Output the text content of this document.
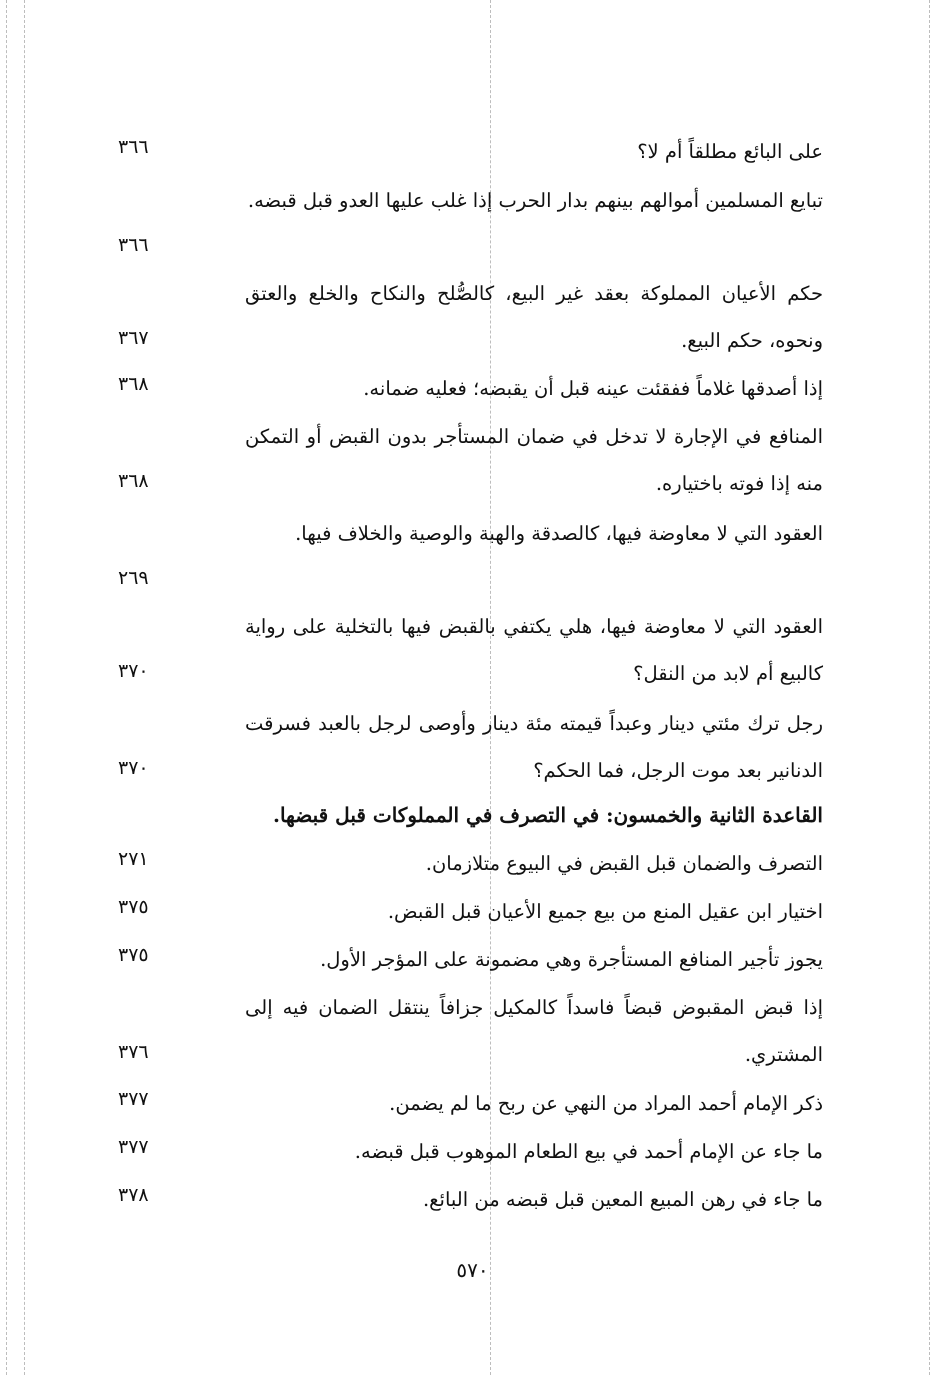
على البائع مطلقاً أم لا؟
٣٦٦
تبايع المسلمين أموالهم بينهم بدار الحرب إذا غلب عليها العدو قبل قبضه.
٣٦٦
حكم الأعيان المملوكة بعقد غير البيع، كالصُّلح والنكاح والخلع والعتق ونحوه، حكم البيع.
٣٦٧
إذا أصدقها غلاماً ففقئت عينه قبل أن يقبضه؛ فعليه ضمانه.
٣٦٨
المنافع في الإجارة لا تدخل في ضمان المستأجر بدون القبض أو التمكن منه إذا فوته باختياره.
٣٦٨
العقود التي لا معاوضة فيها، كالصدقة والهبة والوصية والخلاف فيها.
٢٦٩
العقود التي لا معاوضة فيها، هلي يكتفي بالقبض فيها بالتخلية على رواية كالبيع أم لابد من النقل؟
٣٧٠
رجل ترك مئتي دينار وعبداً قيمته مئة دينار وأوصى لرجل بالعبد فسرقت الدنانير بعد موت الرجل، فما الحكم؟
٣٧٠
القاعدة الثانية والخمسون: في التصرف في المملوكات قبل قبضها.
التصرف والضمان قبل القبض في البيوع متلازمان.
٢٧١
اختيار ابن عقيل المنع من بيع جميع الأعيان قبل القبض.
٣٧٥
يجوز تأجير المنافع المستأجرة وهي مضمونة على المؤجر الأول.
٣٧٥
إذا قبض المقبوض قبضاً فاسداً كالمكيل جزافاً ينتقل الضمان فيه إلى المشتري.
٣٧٦
ذكر الإمام أحمد المراد من النهي عن ربح ما لم يضمن.
٣٧٧
ما جاء عن الإمام أحمد في بيع الطعام الموهوب قبل قبضه.
٣٧٧
ما جاء في رهن المبيع المعين قبل قبضه من البائع.
٣٧٨
٥٧٠
